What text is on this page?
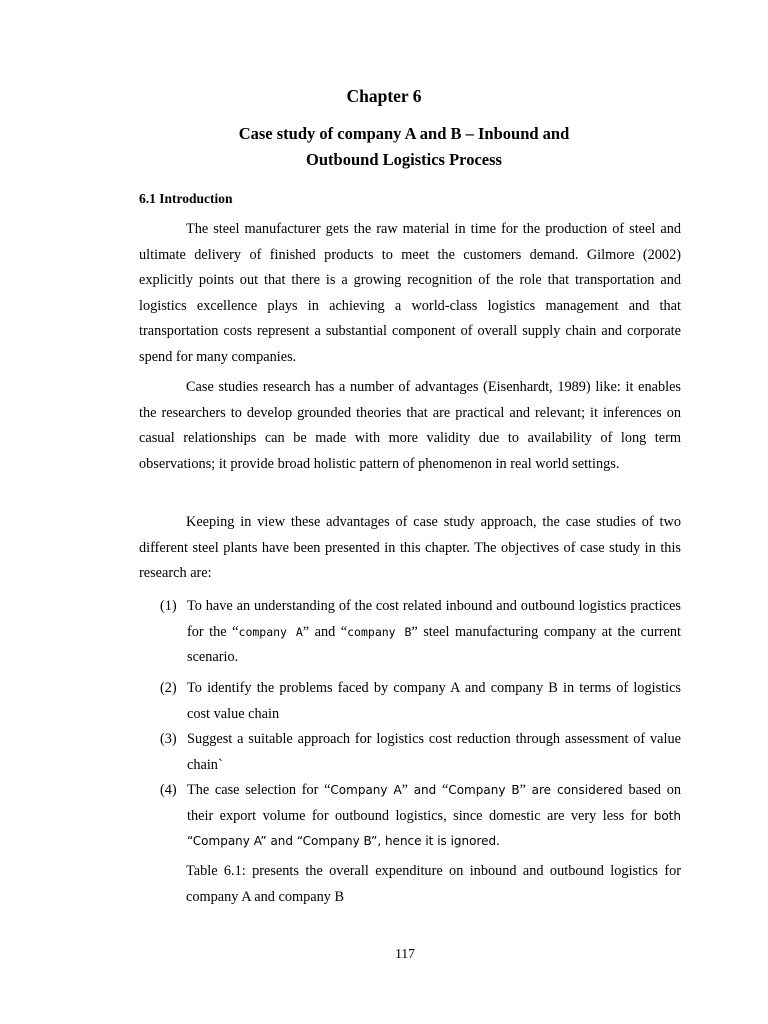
Chapter 6
Case study of company A and B – Inbound and
Outbound Logistics Process
6.1 Introduction

The steel manufacturer gets the raw material in time for the production of steel and ultimate delivery of finished products to meet the customers demand. Gilmore (2002) explicitly points out that there is a growing recognition of the role that transportation and logistics excellence plays in achieving a world-class logistics management and that transportation costs represent a substantial component of overall supply chain and corporate spend for many companies.

Case studies research has a number of advantages (Eisenhardt, 1989) like: it enables the researchers to develop grounded theories that are practical and relevant; it inferences on casual relationships can be made with more validity due to availability of long term observations; it provide broad holistic pattern of phenomenon in real world settings.

Keeping in view these advantages of case study approach, the case studies of two different steel plants have been presented in this chapter. The objectives of case study in this research are:

(1) To have an understanding of the cost related inbound and outbound logistics practices for the “company A” and “company B” steel manufacturing company at the current scenario.
(2) To identify the problems faced by company A and company B in terms of logistics cost value chain
(3) Suggest a suitable approach for logistics cost reduction through assessment of value chain`
(4) The case selection for “Company A” and “Company B” are considered based on their export volume for outbound logistics, since domestic are very less for both “Company A” and “Company B”, hence it is ignored.

Table 6.1: presents the overall expenditure on inbound and outbound logistics for company A and company B

117
